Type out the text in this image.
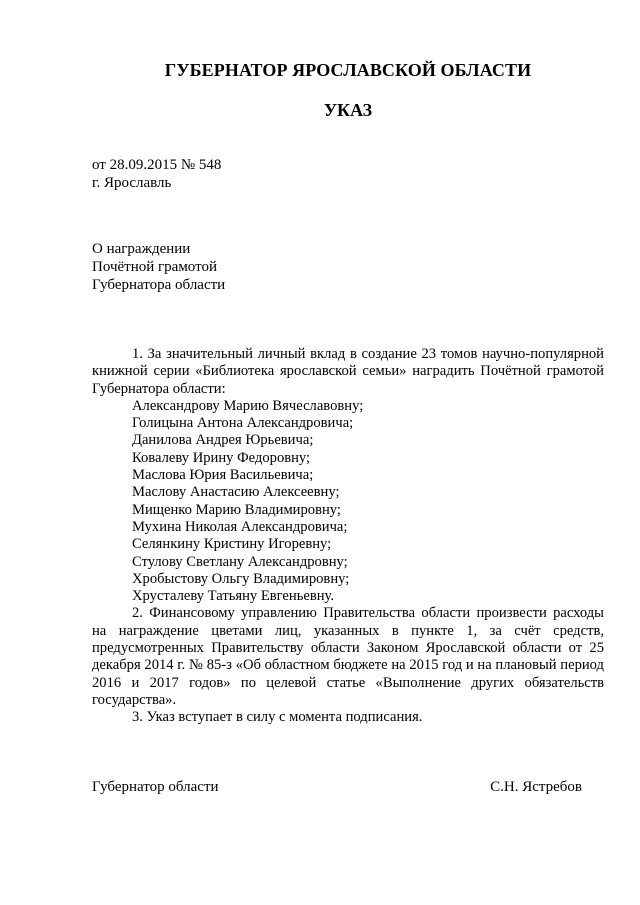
ГУБЕРНАТОР ЯРОСЛАВСКОЙ ОБЛАСТИ
УКАЗ
от 28.09.2015 № 548
г. Ярославль
О награждении
Почётной грамотой
Губернатора области

1. За значительный личный вклад в создание 23 томов научно-популярной книжной серии «Библиотека ярославской семьи» наградить Почётной грамотой Губернатора области:

Александрову Марию Вячеславовну;
Голицына Антона Александровича;
Данилова Андрея Юрьевича;
Ковалеву Ирину Федоровну;
Маслова Юрия Васильевича;
Маслову Анастасию Алексеевну;
Мищенко Марию Владимировну;
Мухина Николая Александровича;
Селянкину Кристину Игоревну;
Стулову Светлану Александровну;
Хробыстову Ольгу Владимировну;
Хрусталеву Татьяну Евгеньевну.

2. Финансовому управлению Правительства области произвести расходы на награждение цветами лиц, указанных в пункте 1, за счёт средств, предусмотренных Правительству области Законом Ярославской области от 25 декабря 2014 г. № 85-з «Об областном бюджете на 2015 год и на плановый период 2016 и 2017 годов» по целевой статье «Выполнение других обязательств государства».

3. Указ вступает в силу с момента подписания.

Губернатор области	С.Н. Ястребов
